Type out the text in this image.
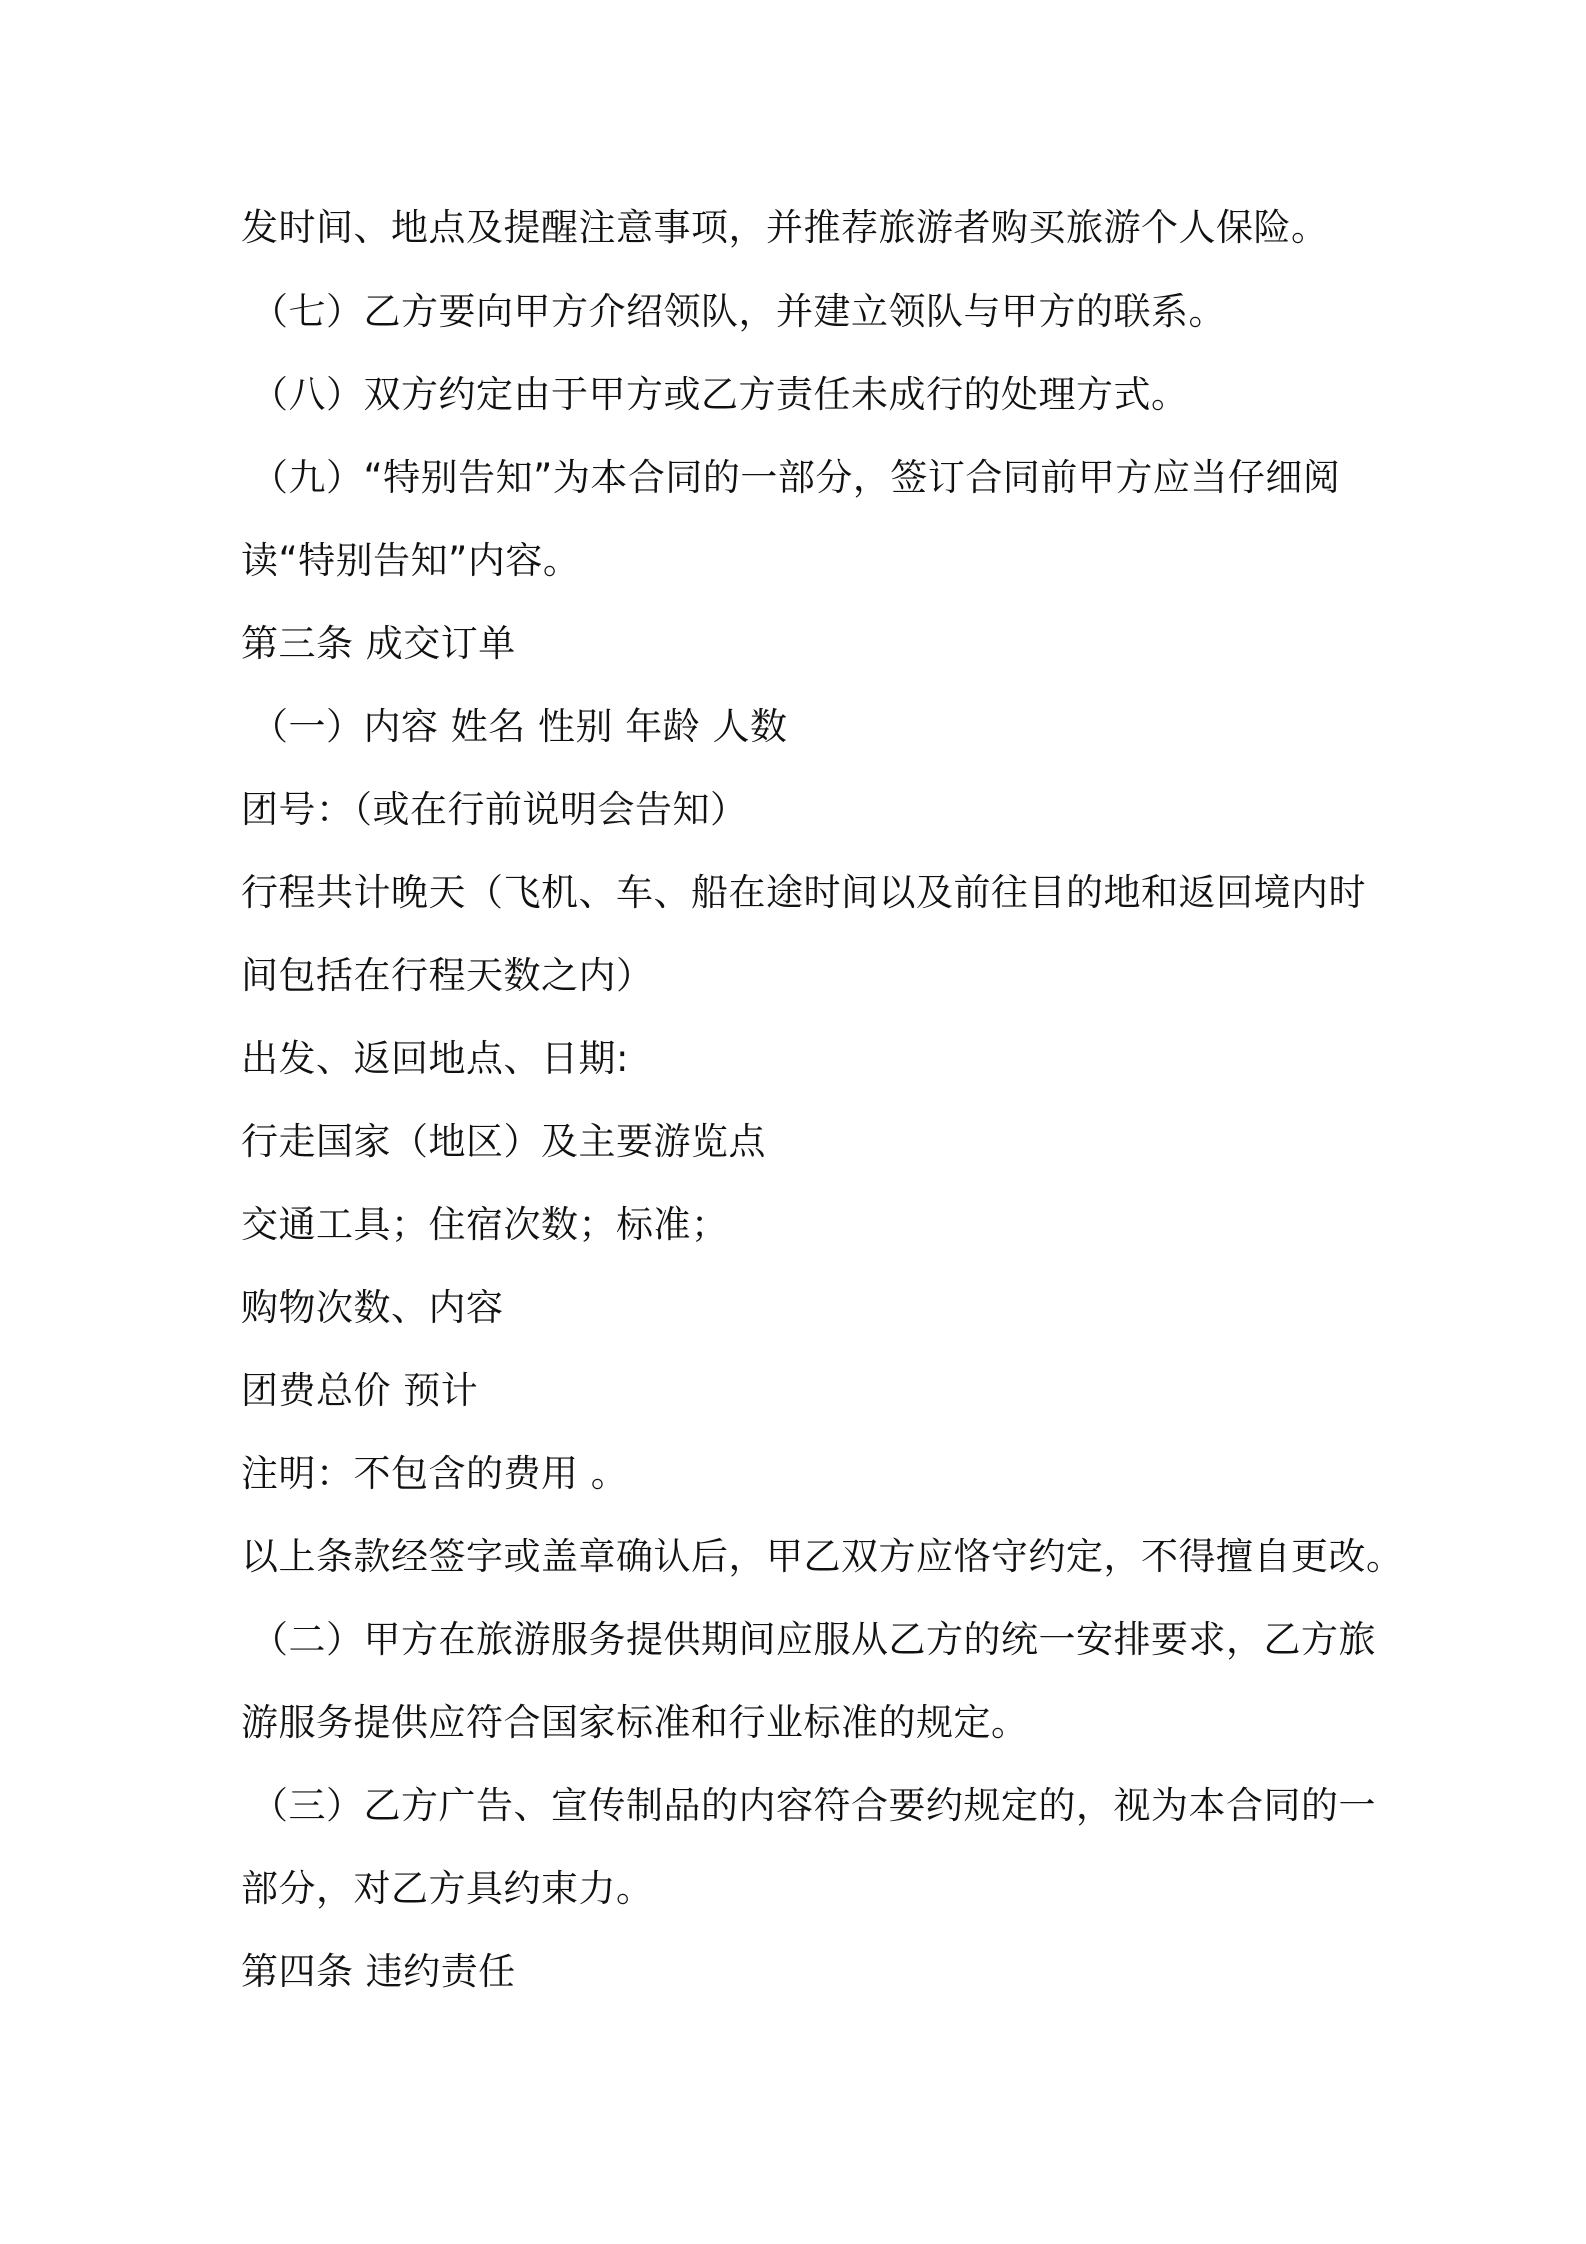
发时间、地点及提醒注意事项，并推荐旅游者购买旅游个人保险。
（七）乙方要向甲方介绍领队，并建立领队与甲方的联系。
（八）双方约定由于甲方或乙方责任未成行的处理方式。
（九）“特别告知”为本合同的一部分，签订合同前甲方应当仔细阅
读“特别告知”内容。
第三条 成交订单
（一）内容 姓名 性别 年龄 人数
团号：（或在行前说明会告知）
行程共计晚天（飞机、车、船在途时间以及前往目的地和返回境内时
间包括在行程天数之内）
出发、返回地点、日期:
行走国家（地区）及主要游览点
交通工具；住宿次数；标准；
购物次数、内容
团费总价 预计
注明：不包含的费用 。
以上条款经签字或盖章确认后，甲乙双方应恪守约定，不得擅自更改。
（二）甲方在旅游服务提供期间应服从乙方的统一安排要求，乙方旅
游服务提供应符合国家标准和行业标准的规定。
（三）乙方广告、宣传制品的内容符合要约规定的，视为本合同的一
部分，对乙方具约束力。
第四条 违约责任
